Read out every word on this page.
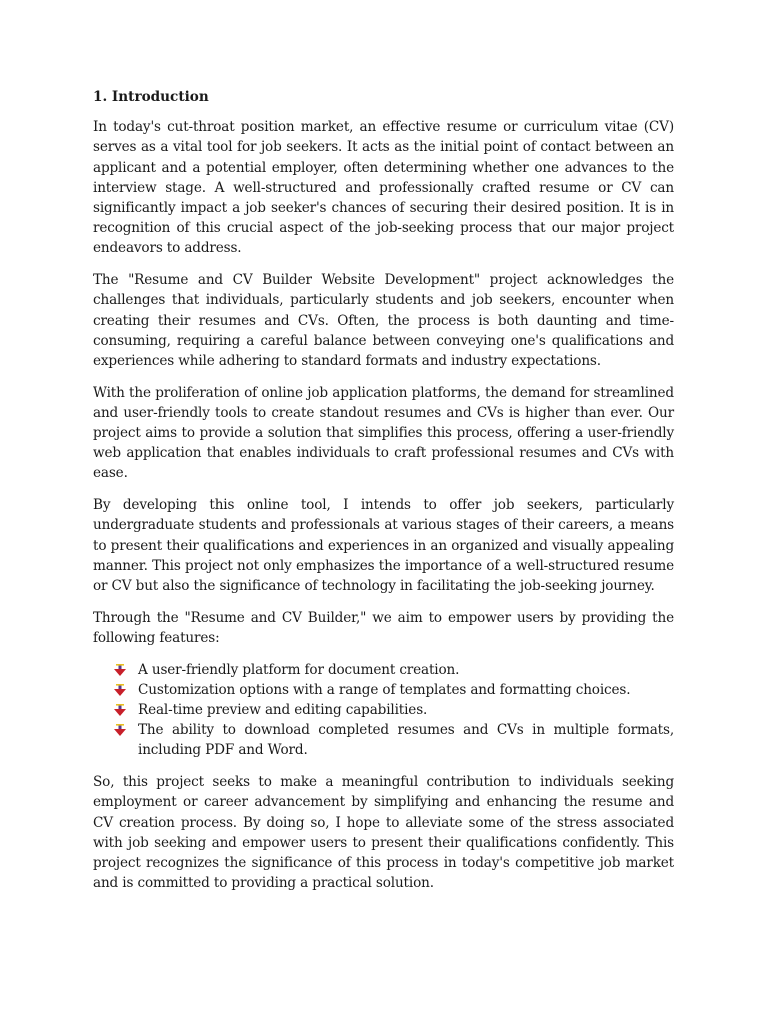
1. Introduction

In today's cut-throat position market, an effective resume or curriculum vitae (CV) serves as a vital tool for job seekers. It acts as the initial point of contact between an applicant and a potential employer, often determining whether one advances to the interview stage. A well-structured and professionally crafted resume or CV can significantly impact a job seeker's chances of securing their desired position. It is in recognition of this crucial aspect of the job-seeking process that our major project endeavors to address.

The "Resume and CV Builder Website Development" project acknowledges the challenges that individuals, particularly students and job seekers, encounter when creating their resumes and CVs. Often, the process is both daunting and time-consuming, requiring a careful balance between conveying one's qualifications and experiences while adhering to standard formats and industry expectations.

With the proliferation of online job application platforms, the demand for streamlined and user-friendly tools to create standout resumes and CVs is higher than ever. Our project aims to provide a solution that simplifies this process, offering a user-friendly web application that enables individuals to craft professional resumes and CVs with ease.

By developing this online tool, I intends to offer job seekers, particularly undergraduate students and professionals at various stages of their careers, a means to present their qualifications and experiences in an organized and visually appealing manner. This project not only emphasizes the importance of a well-structured resume or CV but also the significance of technology in facilitating the job-seeking journey.

Through the "Resume and CV Builder," we aim to empower users by providing the following features:

A user-friendly platform for document creation.
Customization options with a range of templates and formatting choices.
Real-time preview and editing capabilities.
The ability to download completed resumes and CVs in multiple formats, including PDF and Word.

So, this project seeks to make a meaningful contribution to individuals seeking employment or career advancement by simplifying and enhancing the resume and CV creation process. By doing so, I hope to alleviate some of the stress associated with job seeking and empower users to present their qualifications confidently. This project recognizes the significance of this process in today's competitive job market and is committed to providing a practical solution.
